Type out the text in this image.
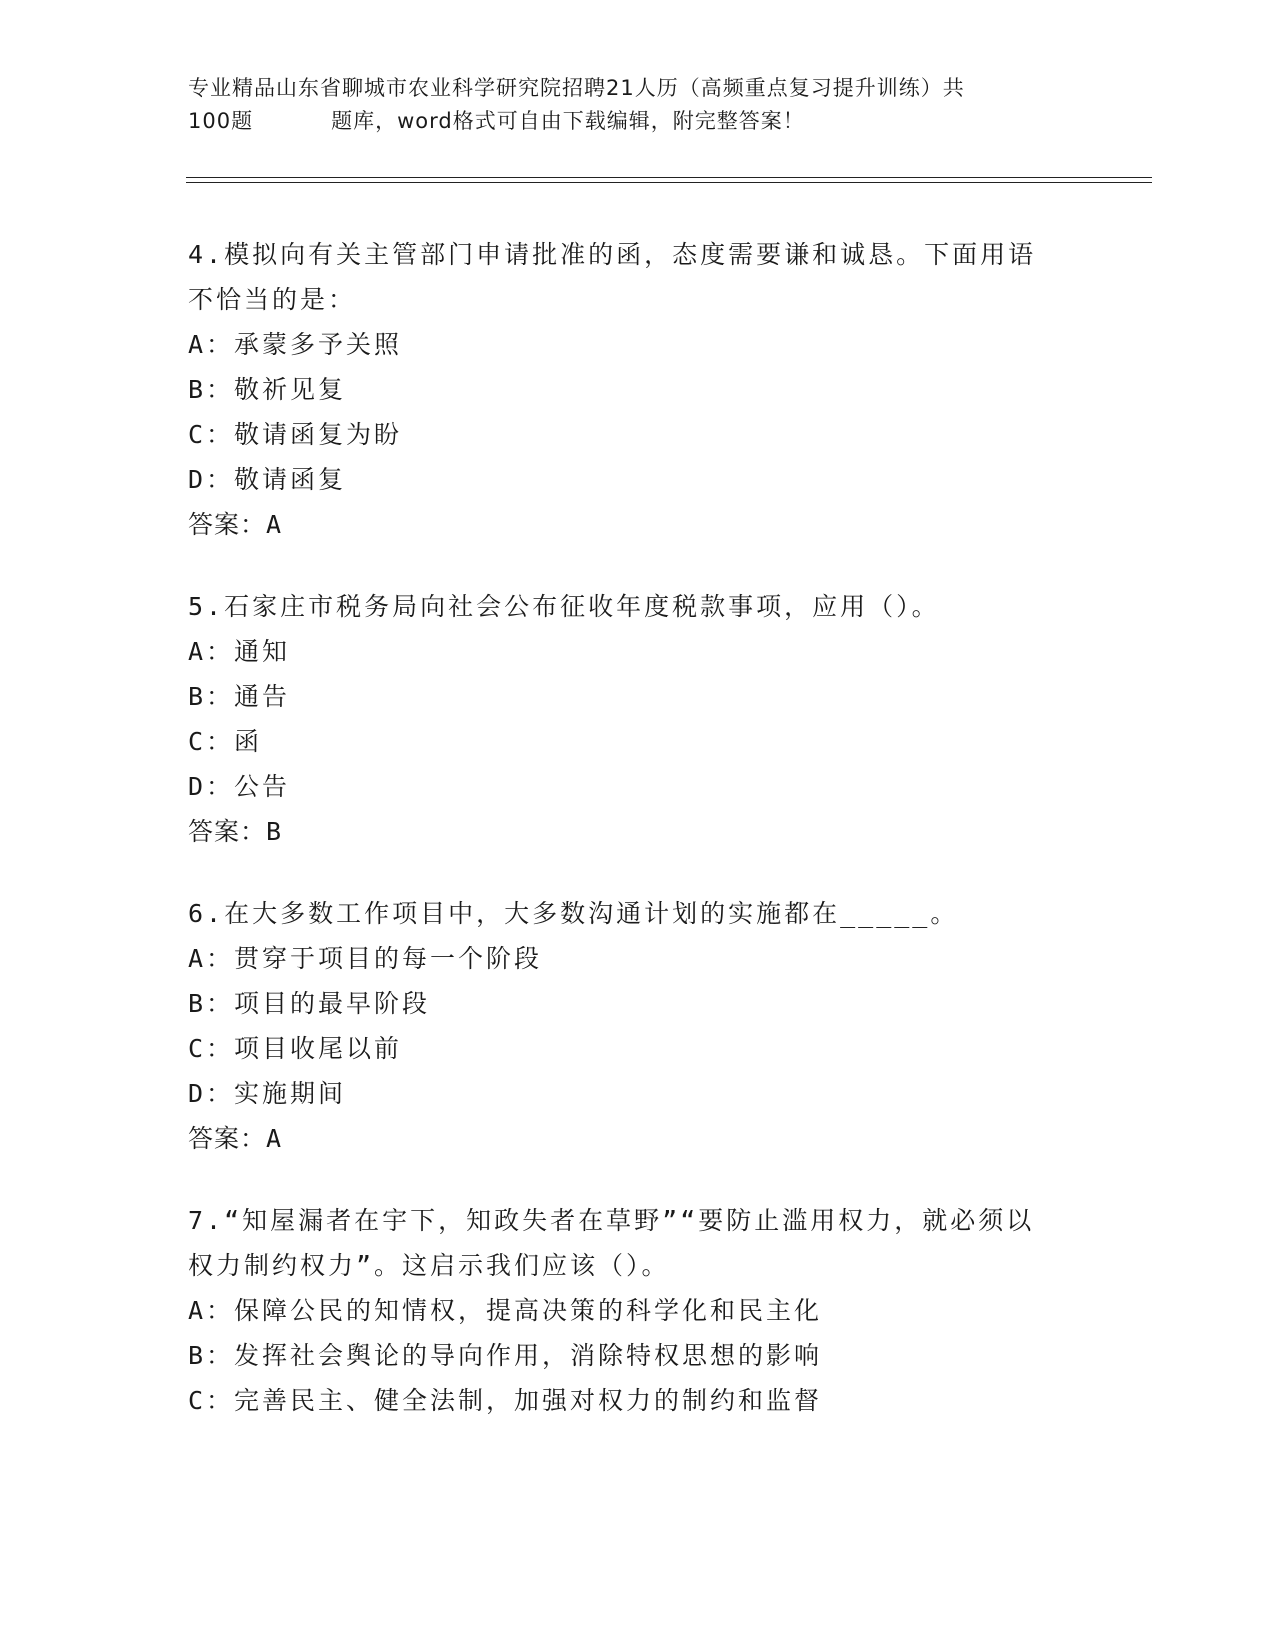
专业精品山东省聊城市农业科学研究院招聘21人历（高频重点复习提升训练）共
100题	题库，word格式可自由下载编辑，附完整答案！

4.模拟向有关主管部门申请批准的函，态度需要谦和诚恳。下面用语不恰当的是：

A：承蒙多予关照

B：敬祈见复

C：敬请函复为盼

D：敬请函复

答案：A

5.石家庄市税务局向社会公布征收年度税款事项，应用（）。

A：通知

B：通告

C：函

D：公告

答案：B

6.在大多数工作项目中，大多数沟通计划的实施都在_____。

A：贯穿于项目的每一个阶段

B：项目的最早阶段

C：项目收尾以前

D：实施期间

答案：A

7.“知屋漏者在宇下，知政失者在草野”“要防止滥用权力，就必须以权力制约权力”。这启示我们应该（）。

A：保障公民的知情权，提高决策的科学化和民主化

B：发挥社会舆论的导向作用，消除特权思想的影响

C：完善民主、健全法制，加强对权力的制约和监督
